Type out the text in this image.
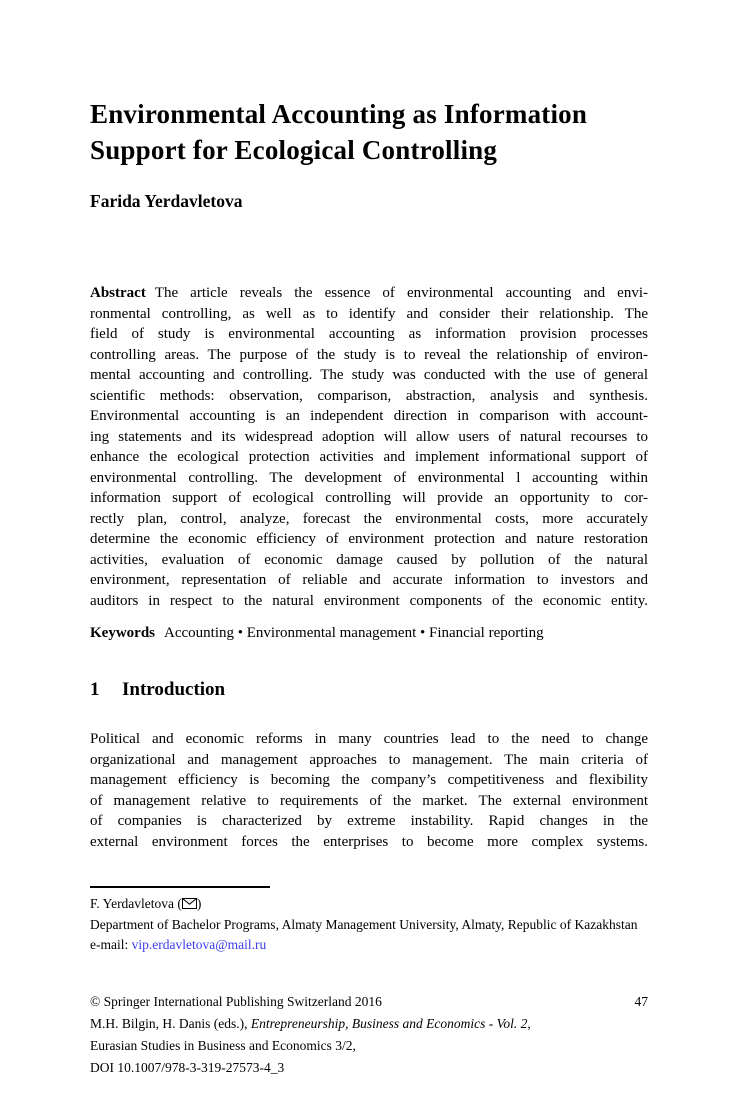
Environmental Accounting as Information
Support for Ecological Controlling
Farida Yerdavletova
Abstract The article reveals the essence of environmental accounting and envi-
ronmental controlling, as well as to identify and consider their relationship. The
field of study is environmental accounting as information provision processes
controlling areas. The purpose of the study is to reveal the relationship of environ-
mental accounting and controlling. The study was conducted with the use of general
scientific methods: observation, comparison, abstraction, analysis and synthesis.
Environmental accounting is an independent direction in comparison with account-
ing statements and its widespread adoption will allow users of natural recourses to
enhance the ecological protection activities and implement informational support of
environmental controlling. The development of environmental l accounting within
information support of ecological controlling will provide an opportunity to cor-
rectly plan, control, analyze, forecast the environmental costs, more accurately
determine the economic efficiency of environment protection and nature restoration
activities, evaluation of economic damage caused by pollution of the natural
environment, representation of reliable and accurate information to investors and
auditors in respect to the natural environment components of the economic entity.
Keywords Accounting • Environmental management • Financial reporting
1 Introduction
Political and economic reforms in many countries lead to the need to change
organizational and management approaches to management. The main criteria of
management efficiency is becoming the company’s competitiveness and flexibility
of management relative to requirements of the market. The external environment
of companies is characterized by extreme instability. Rapid changes in the
external environment forces the enterprises to become more complex systems.
F. Yerdavletova ( )
Department of Bachelor Programs, Almaty Management University, Almaty, Republic of Kazakhstan
e-mail: vip.erdavletova@mail.ru
© Springer International Publishing Switzerland 2016	47
M.H. Bilgin, H. Danis (eds.), Entrepreneurship, Business and Economics - Vol. 2,
Eurasian Studies in Business and Economics 3/2,
DOI 10.1007/978-3-319-27573-4_3
